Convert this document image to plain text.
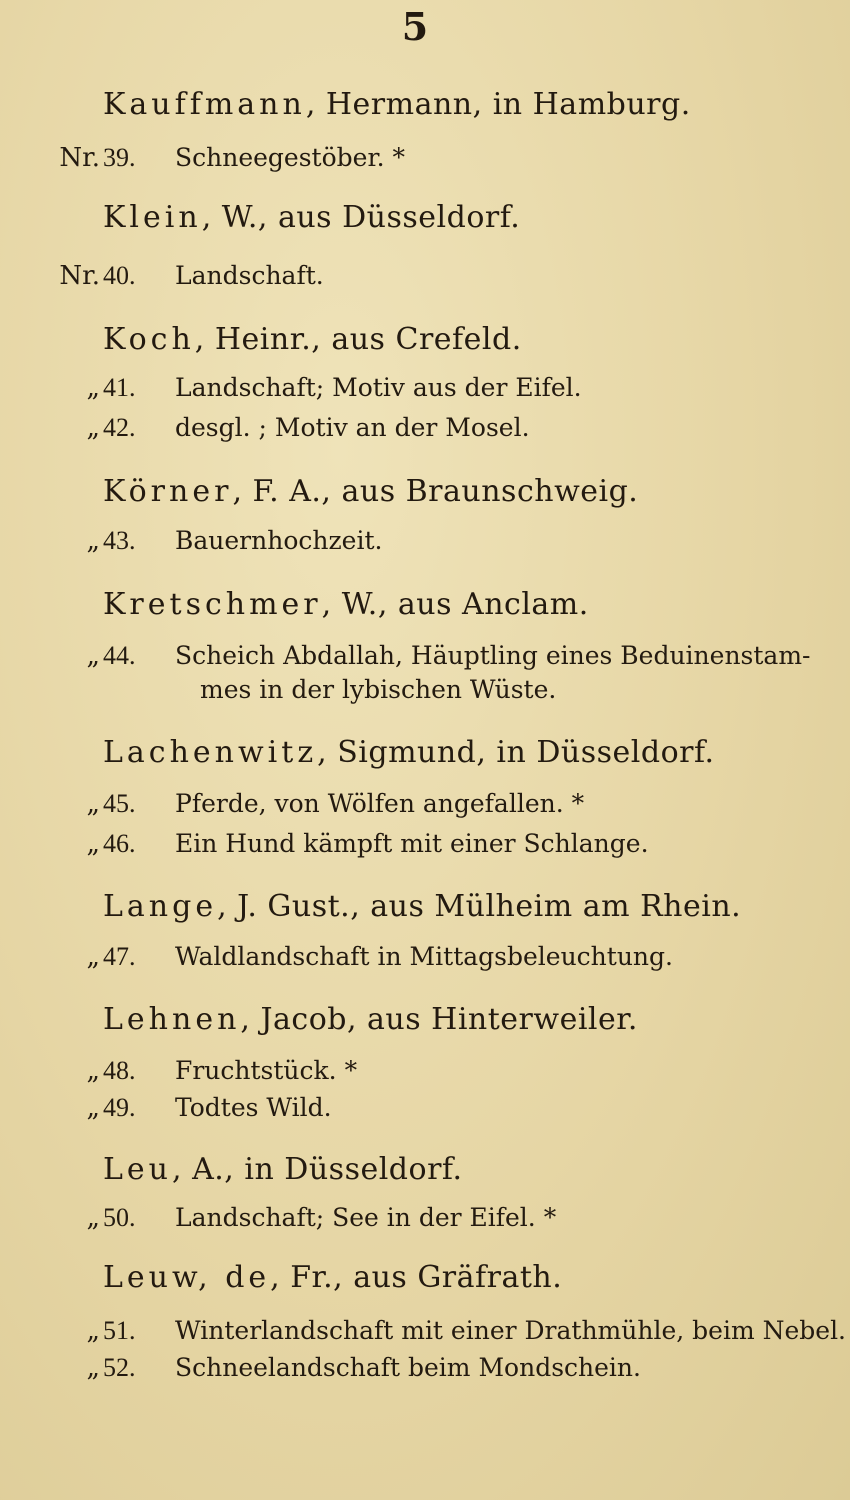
5
Kauffmann, Hermann, in Hamburg.
Nr. 39.	Schneegestöber. *
Klein, W., aus Düsseldorf.
Nr. 40.	Landschaft.
Koch, Heinr., aus Crefeld.
„ 41.	Landschaft; Motiv aus der Eifel.
„ 42.	desgl. ; Motiv an der Mosel.
Körner, F. A., aus Braunschweig.
„ 43.	Bauernhochzeit.
Kretschmer, W., aus Anclam.
„ 44.	Scheich Abdallah, Häuptling eines Beduinenstam-
mes in der lybischen Wüste.
Lachenwitz, Sigmund, in Düsseldorf.
„ 45.	Pferde, von Wölfen angefallen. *
„ 46.	Ein Hund kämpft mit einer Schlange.
Lange, J. Gust., aus Mülheim am Rhein.
„ 47.	Waldlandschaft in Mittagsbeleuchtung.
Lehnen, Jacob, aus Hinterweiler.
„ 48.	Fruchtstück. *
„ 49.	Todtes Wild.
Leu, A., in Düsseldorf.
„ 50.	Landschaft; See in der Eifel. *
Leuw, de, Fr., aus Gräfrath.
„ 51.	Winterlandschaft mit einer Drathmühle, beim Nebel.
„ 52.	Schneelandschaft beim Mondschein.
